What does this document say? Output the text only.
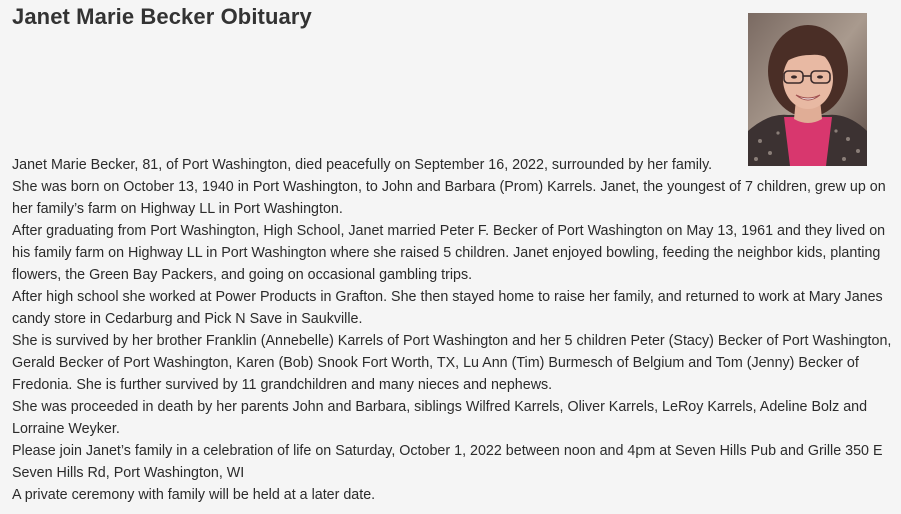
Janet Marie Becker Obituary

Janet Marie Becker, 81, of Port Washington, died peacefully on September 16, 2022, surrounded by her family.

She was born on October 13, 1940 in Port Washington, to John and Barbara (Prom) Karrels. Janet, the youngest of 7 children, grew up on her family’s farm on Highway LL in Port Washington.

After graduating from Port Washington, High School, Janet married Peter F. Becker of Port Washington on May 13, 1961 and they lived on his family farm on Highway LL in Port Washington where she raised 5 children. Janet enjoyed bowling, feeding the neighbor kids, planting flowers, the Green Bay Packers, and going on occasional gambling trips.

After high school she worked at Power Products in Grafton. She then stayed home to raise her family, and returned to work at Mary Janes candy store in Cedarburg and Pick N Save in Saukville.

She is survived by her brother Franklin (Annebelle) Karrels of Port Washington and her 5 children Peter (Stacy) Becker of Port Washington, Gerald Becker of Port Washington, Karen (Bob) Snook Fort Worth, TX, Lu Ann (Tim) Burmesch of Belgium and Tom (Jenny) Becker of Fredonia. She is further survived by 11 grandchildren and many nieces and nephews.

She was proceeded in death by her parents John and Barbara, siblings Wilfred Karrels, Oliver Karrels, LeRoy Karrels, Adeline Bolz and Lorraine Weyker.

Please join Janet’s family in a celebration of life on Saturday, October 1, 2022 between noon and 4pm at Seven Hills Pub and Grille 350 E Seven Hills Rd, Port Washington, WI

A private ceremony with family will be held at a later date.
